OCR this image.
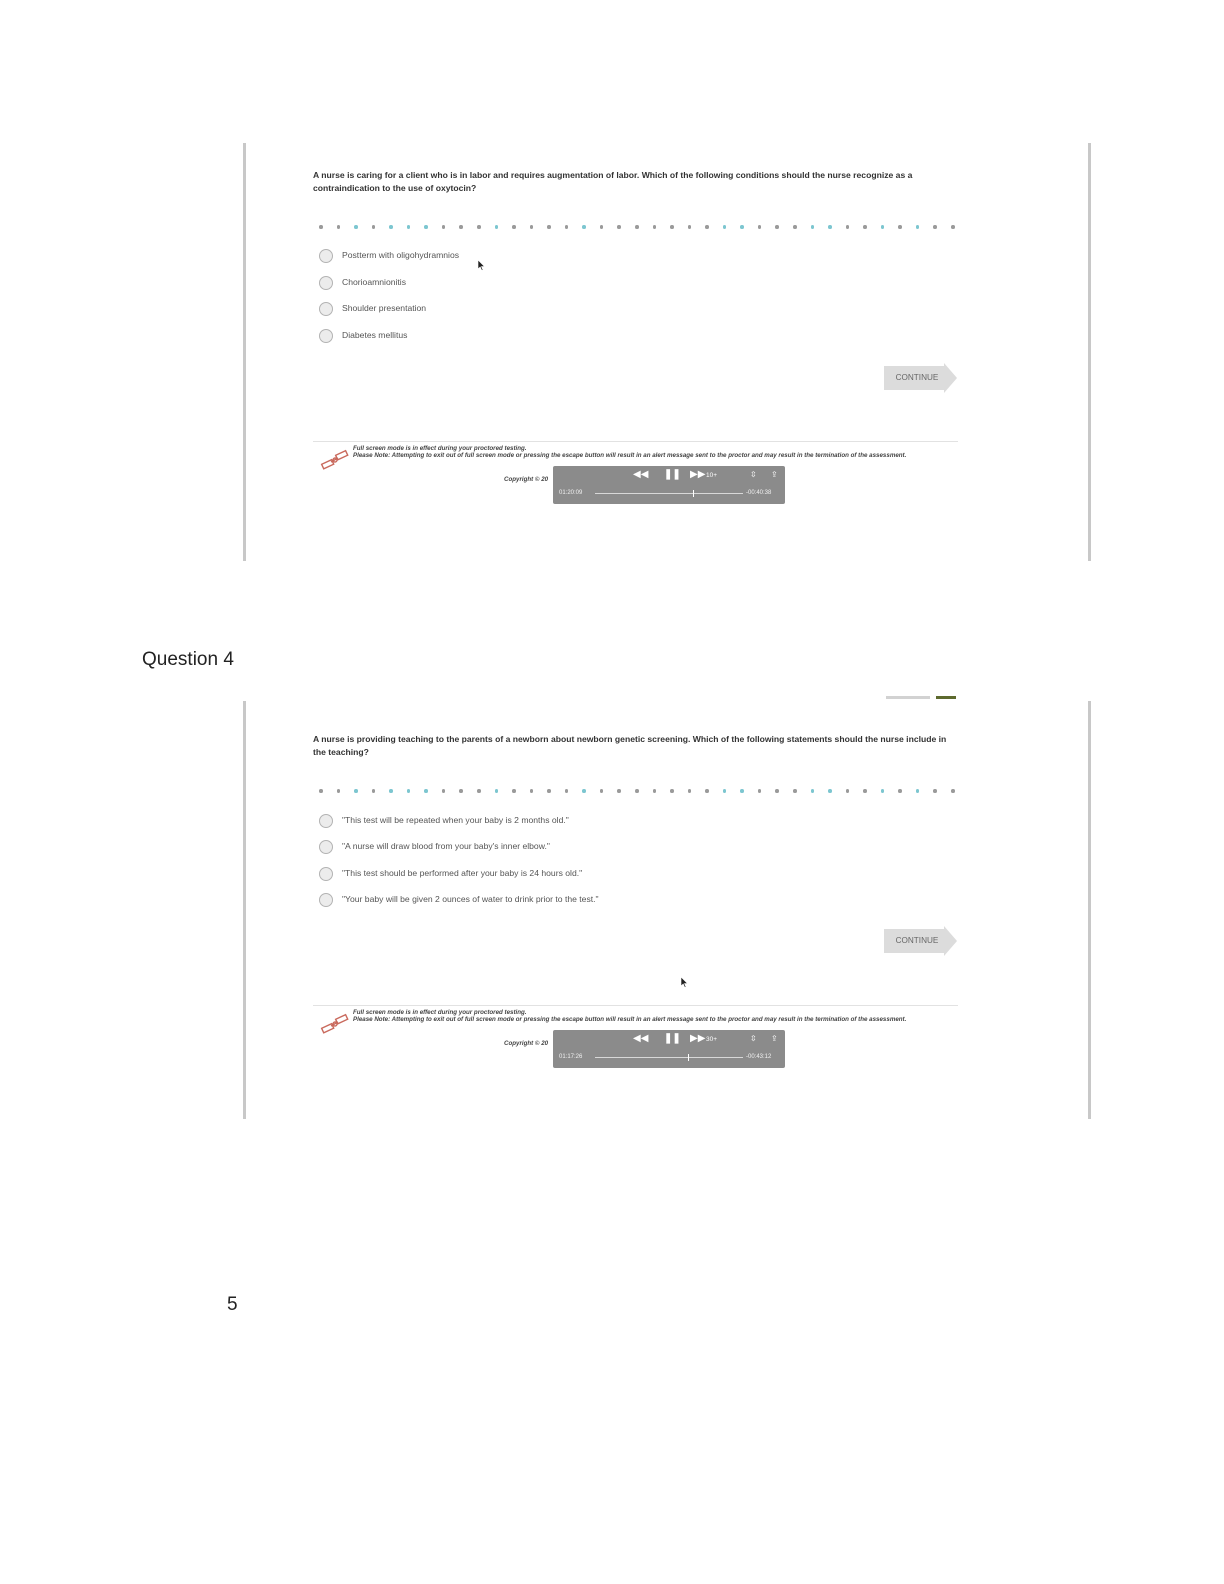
A nurse is caring for a client who is in labor and requires augmentation of labor. Which of the following conditions should the nurse recognize as a contraindication to the use of oxytocin?
Postterm with oligohydramnios
Chorioamnionitis
Shoulder presentation
Diabetes mellitus
CONTINUE
Full screen mode is in effect during your proctored testing.
Please Note: Attempting to exit out of full screen mode or pressing the escape button will result in an alert message sent to the proctor and may result in the termination of the assessment.
Copyright © 20	◀◀ ❚❚ ▶▶ 10+	⇳ ⇪
01:20:09	-00:40:38
Question 4
A nurse is providing teaching to the parents of a newborn about newborn genetic screening. Which of the following statements should the nurse include in the teaching?
"This test will be repeated when your baby is 2 months old."
"A nurse will draw blood from your baby's inner elbow."
"This test should be performed after your baby is 24 hours old."
"Your baby will be given 2 ounces of water to drink prior to the test."
CONTINUE
Full screen mode is in effect during your proctored testing.
Please Note: Attempting to exit out of full screen mode or pressing the escape button will result in an alert message sent to the proctor and may result in the termination of the assessment.
Copyright © 20	◀◀ ❚❚ ▶▶ 30+	⇳ ⇪
01:17:26	-00:43:12
5
